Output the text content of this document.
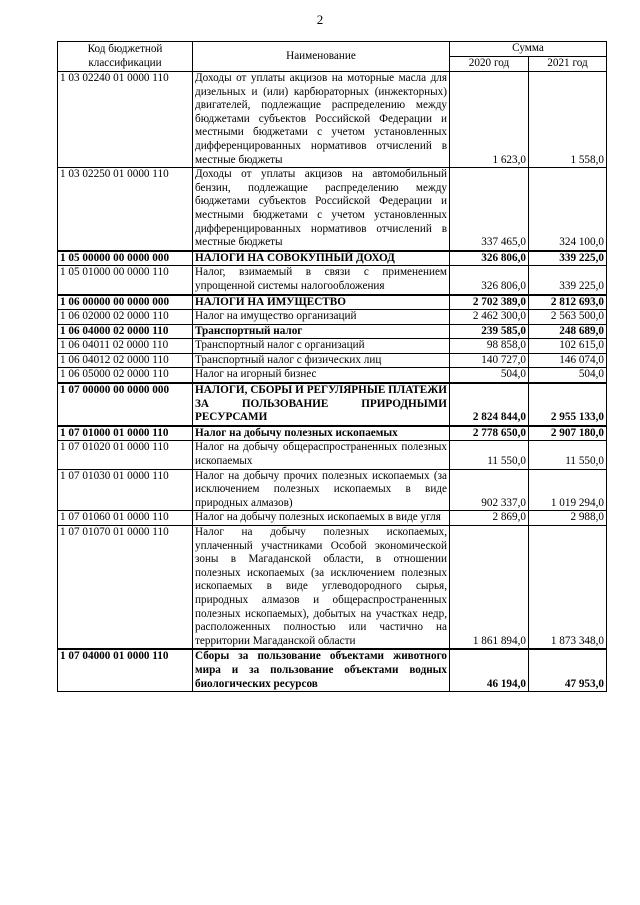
2
Код бюджетной классификации	Наименование	Сумма	
		2020 год	2021 год
1 03 02240 01 0000 110	Доходы от уплаты акцизов на моторные масла для дизельных и (или) карбюраторных (инжекторных) двигателей, подлежащие распределению между бюджетами субъектов Российской Федерации и местными бюджетами с учетом установленных дифференцированных нормативов отчислений в местные бюджеты	1 623,0	1 558,0
1 03 02250 01 0000 110	Доходы от уплаты акцизов на автомобильный бензин, подлежащие распределению между бюджетами субъектов Российской Федерации и местными бюджетами с учетом установленных дифференцированных нормативов отчислений в местные бюджеты	337 465,0	324 100,0
1 05 00000 00 0000 000	НАЛОГИ НА СОВОКУПНЫЙ ДОХОД	326 806,0	339 225,0
1 05 01000 00 0000 110	Налог, взимаемый в связи с применением упрощенной системы налогообложения	326 806,0	339 225,0
1 06 00000 00 0000 000	НАЛОГИ НА ИМУЩЕСТВО	2 702 389,0	2 812 693,0
1 06 02000 02 0000 110	Налог на имущество организаций	2 462 300,0	2 563 500,0
1 06 04000 02 0000 110	Транспортный налог	239 585,0	248 689,0
1 06 04011 02 0000 110	Транспортный налог с организаций	98 858,0	102 615,0
1 06 04012 02 0000 110	Транспортный налог с физических лиц	140 727,0	146 074,0
1 06 05000 02 0000 110	Налог на игорный бизнес	504,0	504,0
1 07 00000 00 0000 000	НАЛОГИ, СБОРЫ И РЕГУЛЯРНЫЕ ПЛАТЕЖИ ЗА ПОЛЬЗОВАНИЕ ПРИРОДНЫМИ РЕСУРСАМИ	2 824 844,0	2 955 133,0
1 07 01000 01 0000 110	Налог на добычу полезных ископаемых	2 778 650,0	2 907 180,0
1 07 01020 01 0000 110	Налог на добычу общераспространенных полезных ископаемых	11 550,0	11 550,0
1 07 01030 01 0000 110	Налог на добычу прочих полезных ископаемых (за исключением полезных ископаемых в виде природных алмазов)	902 337,0	1 019 294,0
1 07 01060 01 0000 110	Налог на добычу полезных ископаемых в виде угля	2 869,0	2 988,0
1 07 01070 01 0000 110	Налог на добычу полезных ископаемых, уплаченный участниками Особой экономической зоны в Магаданской области, в отношении полезных ископаемых (за исключением полезных ископаемых в виде углеводородного сырья, природных алмазов и общераспространенных полезных ископаемых), добытых на участках недр, расположенных полностью или частично на территории Магаданской области	1 861 894,0	1 873 348,0
1 07 04000 01 0000 110	Сборы за пользование объектами животного мира и за пользование объектами водных биологических ресурсов	46 194,0	47 953,0
